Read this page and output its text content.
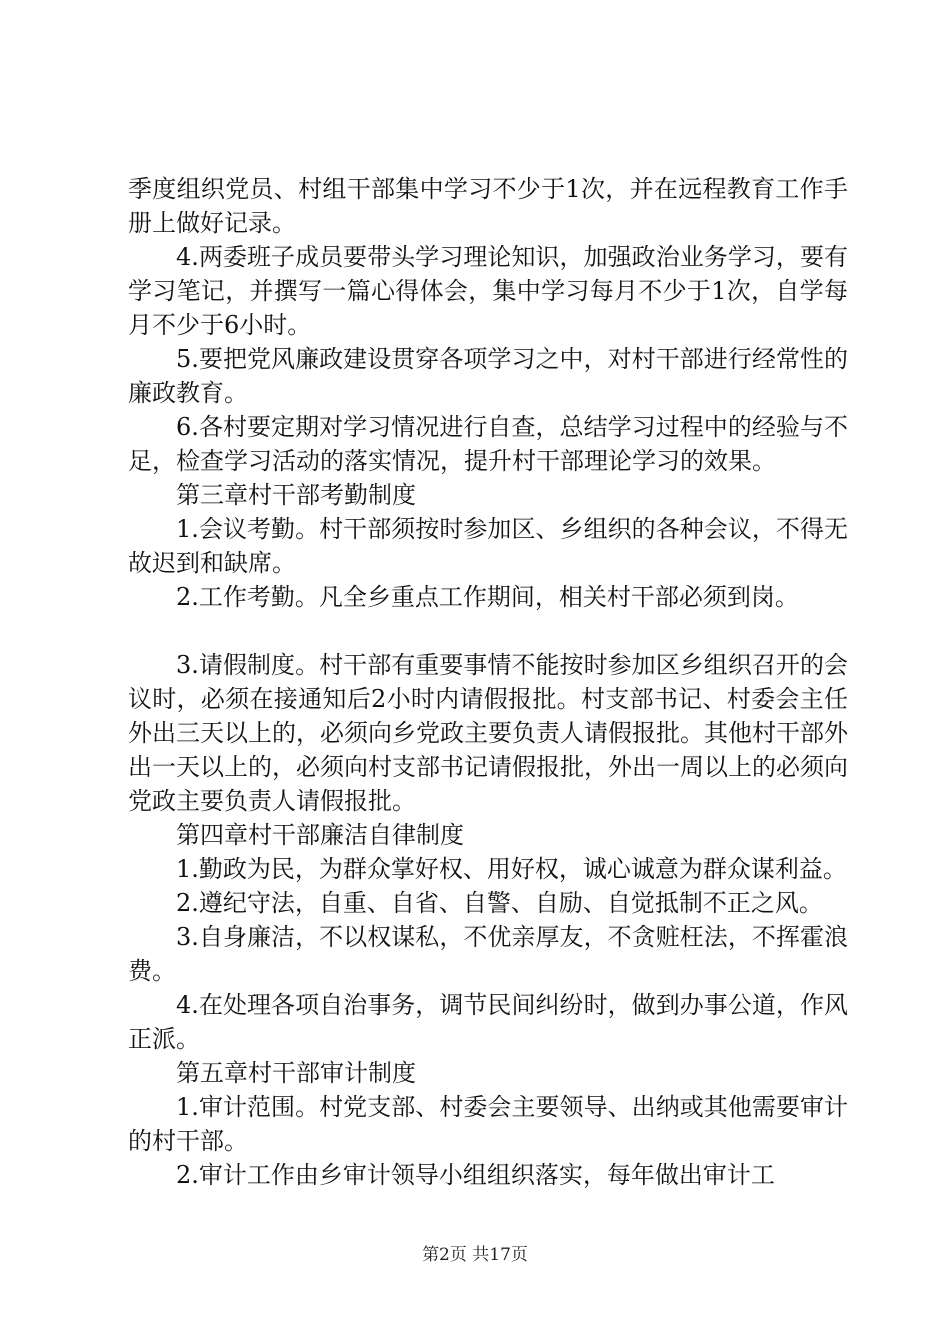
季度组织党员、村组干部集中学习不少于1次，并在远程教育工作手册上做好记录。

4.两委班子成员要带头学习理论知识，加强政治业务学习，要有学习笔记，并撰写一篇心得体会，集中学习每月不少于1次，自学每月不少于6小时。

5.要把党风廉政建设贯穿各项学习之中，对村干部进行经常性的廉政教育。

6.各村要定期对学习情况进行自查，总结学习过程中的经验与不足，检查学习活动的落实情况，提升村干部理论学习的效果。

第三章村干部考勤制度

1.会议考勤。村干部须按时参加区、乡组织的各种会议，不得无故迟到和缺席。

2.工作考勤。凡全乡重点工作期间，相关村干部必须到岗。

3.请假制度。村干部有重要事情不能按时参加区乡组织召开的会议时，必须在接通知后2小时内请假报批。村支部书记、村委会主任外出三天以上的，必须向乡党政主要负责人请假报批。其他村干部外出一天以上的，必须向村支部书记请假报批，外出一周以上的必须向党政主要负责人请假报批。

第四章村干部廉洁自律制度

1.勤政为民，为群众掌好权、用好权，诚心诚意为群众谋利益。

2.遵纪守法，自重、自省、自警、自励、自觉抵制不正之风。

3.自身廉洁，不以权谋私，不优亲厚友，不贪赃枉法，不挥霍浪费。

4.在处理各项自治事务，调节民间纠纷时，做到办事公道，作风正派。

第五章村干部审计制度

1.审计范围。村党支部、村委会主要领导、出纳或其他需要审计的村干部。

2.审计工作由乡审计领导小组组织落实，每年做出审计工

第2页 共17页
